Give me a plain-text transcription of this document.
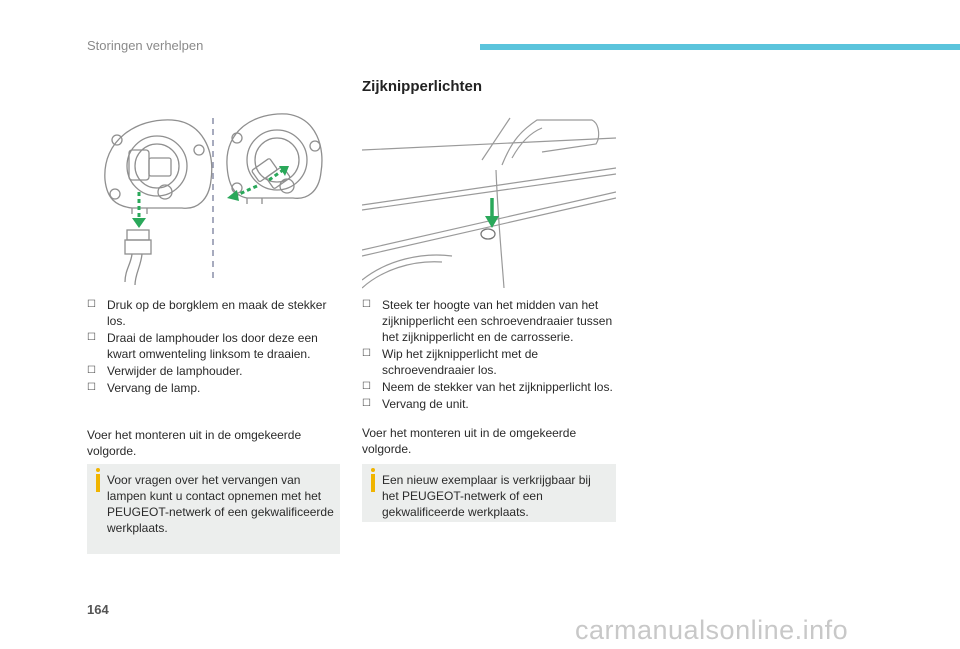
Storingen verhelpen
Zijknipperlichten
☐ Druk op de borgklem en maak de stekker los.
☐ Draai de lamphouder los door deze een kwart omwenteling linksom te draaien.
☐ Verwijder de lamphouder.
☐ Vervang de lamp.
Voer het monteren uit in de omgekeerde volgorde.
Voor vragen over het vervangen van lampen kunt u contact opnemen met het PEUGEOT-netwerk of een gekwalificeerde werkplaats.
☐ Steek ter hoogte van het midden van het zijknipperlicht een schroevendraaier tussen het zijknipperlicht en de carrosserie.
☐ Wip het zijknipperlicht met de schroevendraaier los.
☐ Neem de stekker van het zijknipperlicht los.
☐ Vervang de unit.
Voer het monteren uit in de omgekeerde volgorde.
Een nieuw exemplaar is verkrijgbaar bij het PEUGEOT-netwerk of een gekwalificeerde werkplaats.
164
carmanualsonline.info
